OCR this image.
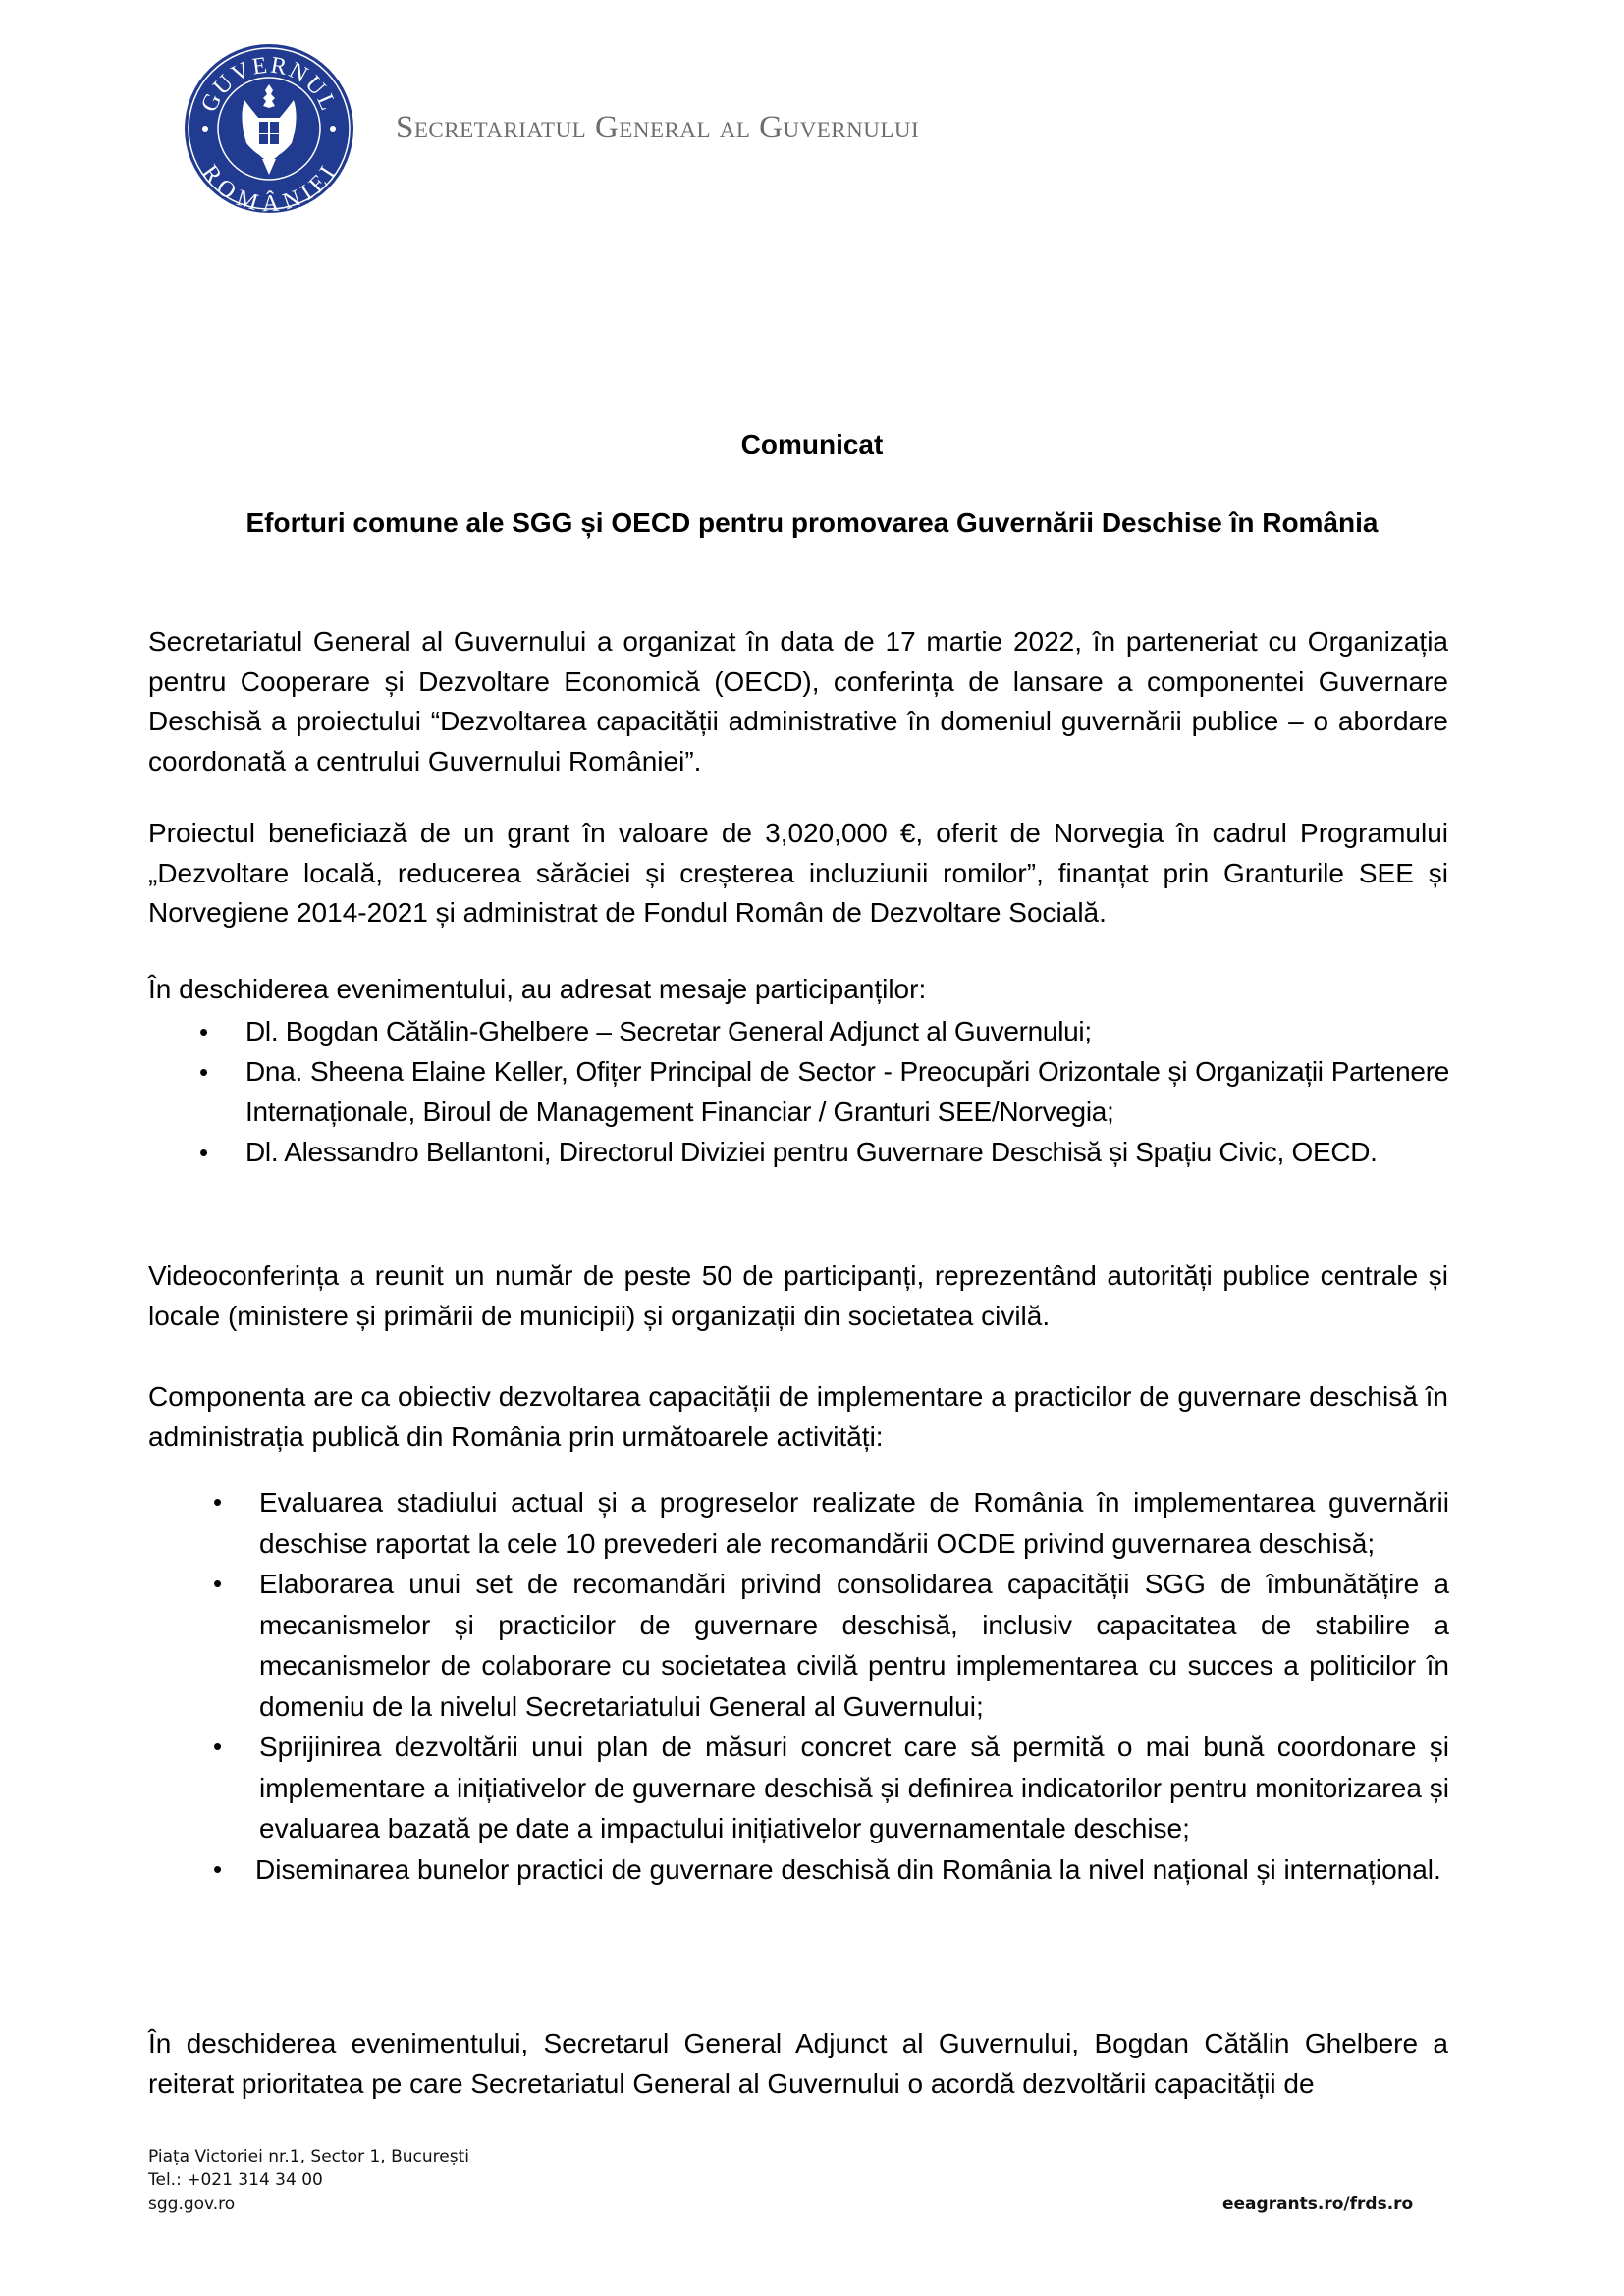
GUVERNUL
ROMÂNIEI
Secretariatul General al Guvernului
Comunicat
Eforturi comune ale SGG și OECD pentru promovarea Guvernării Deschise în România

Secretariatul General al Guvernului a organizat în data de 17 martie 2022, în parteneriat cu Organizația pentru Cooperare și Dezvoltare Economică (OECD), conferința de lansare a componentei Guvernare Deschisă a proiectului “Dezvoltarea capacității administrative în domeniul guvernării publice – o abordare coordonată a centrului Guvernului României”.

Proiectul beneficiază de un grant în valoare de 3,020,000 €, oferit de Norvegia în cadrul Programului „Dezvoltare locală, reducerea sărăciei și creșterea incluziunii romilor”, finanțat prin Granturile SEE și Norvegiene 2014-2021 și administrat de Fondul Român de Dezvoltare Socială.

În deschiderea evenimentului, au adresat mesaje participanților:

• Dl. Bogdan Cătălin-Ghelbere – Secretar General Adjunct al Guvernului;
• Dna. Sheena Elaine Keller, Ofițer Principal de Sector - Preocupări Orizontale și Organizații Partenere Internaționale, Biroul de Management Financiar / Granturi SEE/Norvegia;
• Dl. Alessandro Bellantoni, Directorul Diviziei pentru Guvernare Deschisă și Spațiu Civic, OECD.

Videoconferința a reunit un număr de peste 50 de participanți, reprezentând autorități publice centrale și locale (ministere și primării de municipii) și organizații din societatea civilă.

Componenta are ca obiectiv dezvoltarea capacității de implementare a practicilor de guvernare deschisă în administrația publică din România prin următoarele activități:

• Evaluarea stadiului actual și a progreselor realizate de România în implementarea guvernării deschise raportat la cele 10 prevederi ale recomandării OCDE privind guvernarea deschisă;
• Elaborarea unui set de recomandări privind consolidarea capacității SGG de îmbunătățire a mecanismelor și practicilor de guvernare deschisă, inclusiv capacitatea de stabilire a mecanismelor de colaborare cu societatea civilă pentru implementarea cu succes a politicilor în domeniu de la nivelul Secretariatului General al Guvernului;
• Sprijinirea dezvoltării unui plan de măsuri concret care să permită o mai bună coordonare și implementare a inițiativelor de guvernare deschisă și definirea indicatorilor pentru monitorizarea și evaluarea bazată pe date a impactului inițiativelor guvernamentale deschise;
• Diseminarea bunelor practici de guvernare deschisă din România la nivel național și internațional.

În deschiderea evenimentului, Secretarul General Adjunct al Guvernului, Bogdan Cătălin Ghelbere a reiterat prioritatea pe care Secretariatul General al Guvernului o acordă dezvoltării capacității de

Piața Victoriei nr.1, Sector 1, București
Tel.: +021 314 34 00
sgg.gov.ro	eeagrants.ro/frds.ro
